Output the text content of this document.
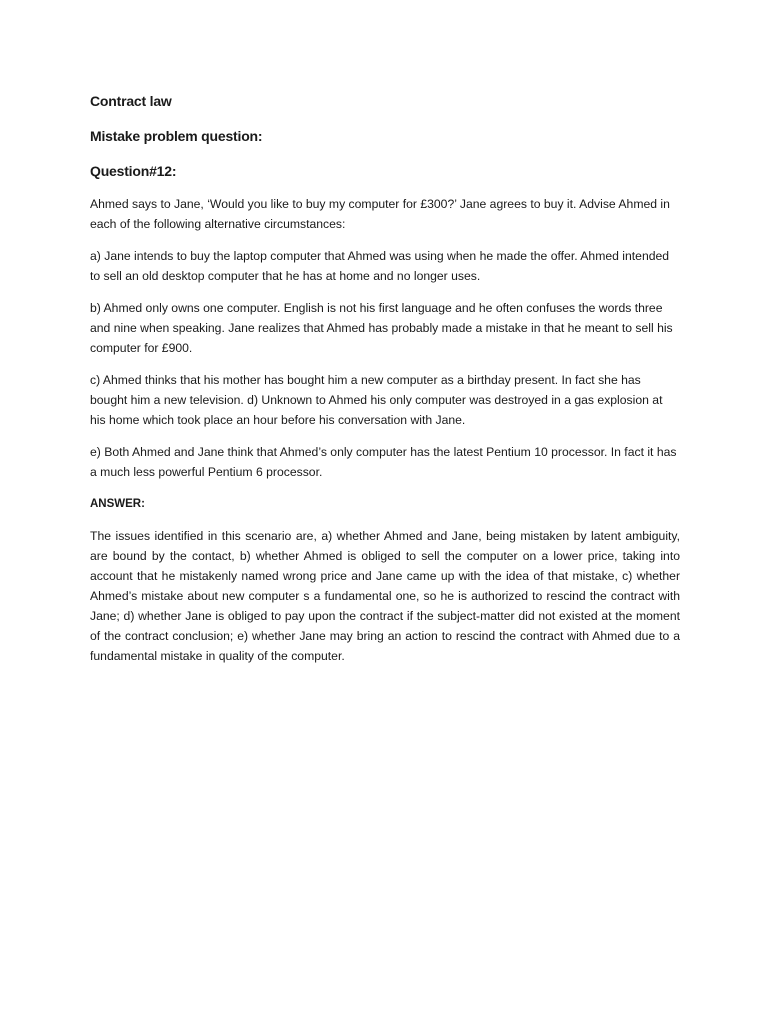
Contract law
Mistake problem question:
Question#12:

Ahmed says to Jane, ‘Would you like to buy my computer for £300?’ Jane agrees to buy it. Advise Ahmed in each of the following alternative circumstances:

a) Jane intends to buy the laptop computer that Ahmed was using when he made the offer. Ahmed intended to sell an old desktop computer that he has at home and no longer uses.

b) Ahmed only owns one computer. English is not his first language and he often confuses the words three and nine when speaking. Jane realizes that Ahmed has probably made a mistake in that he meant to sell his computer for £900.

c) Ahmed thinks that his mother has bought him a new computer as a birthday present. In fact she has bought him a new television. d) Unknown to Ahmed his only computer was destroyed in a gas explosion at his home which took place an hour before his conversation with Jane.

e) Both Ahmed and Jane think that Ahmed’s only computer has the latest Pentium 10 processor. In fact it has a much less powerful Pentium 6 processor.

ANSWER:

The issues identified in this scenario are, a) whether Ahmed and Jane, being mistaken by latent ambiguity, are bound by the contact, b) whether Ahmed is obliged to sell the computer on a lower price, taking into account that he mistakenly named wrong price and Jane came up with the idea of that mistake, c) whether Ahmed’s mistake about new computer s a fundamental one, so he is authorized to rescind the contract with Jane; d) whether Jane is obliged to pay upon the contract if the subject-matter did not existed at the moment of the contract conclusion; e) whether Jane may bring an action to rescind the contract with Ahmed due to a fundamental mistake in quality of the computer.
